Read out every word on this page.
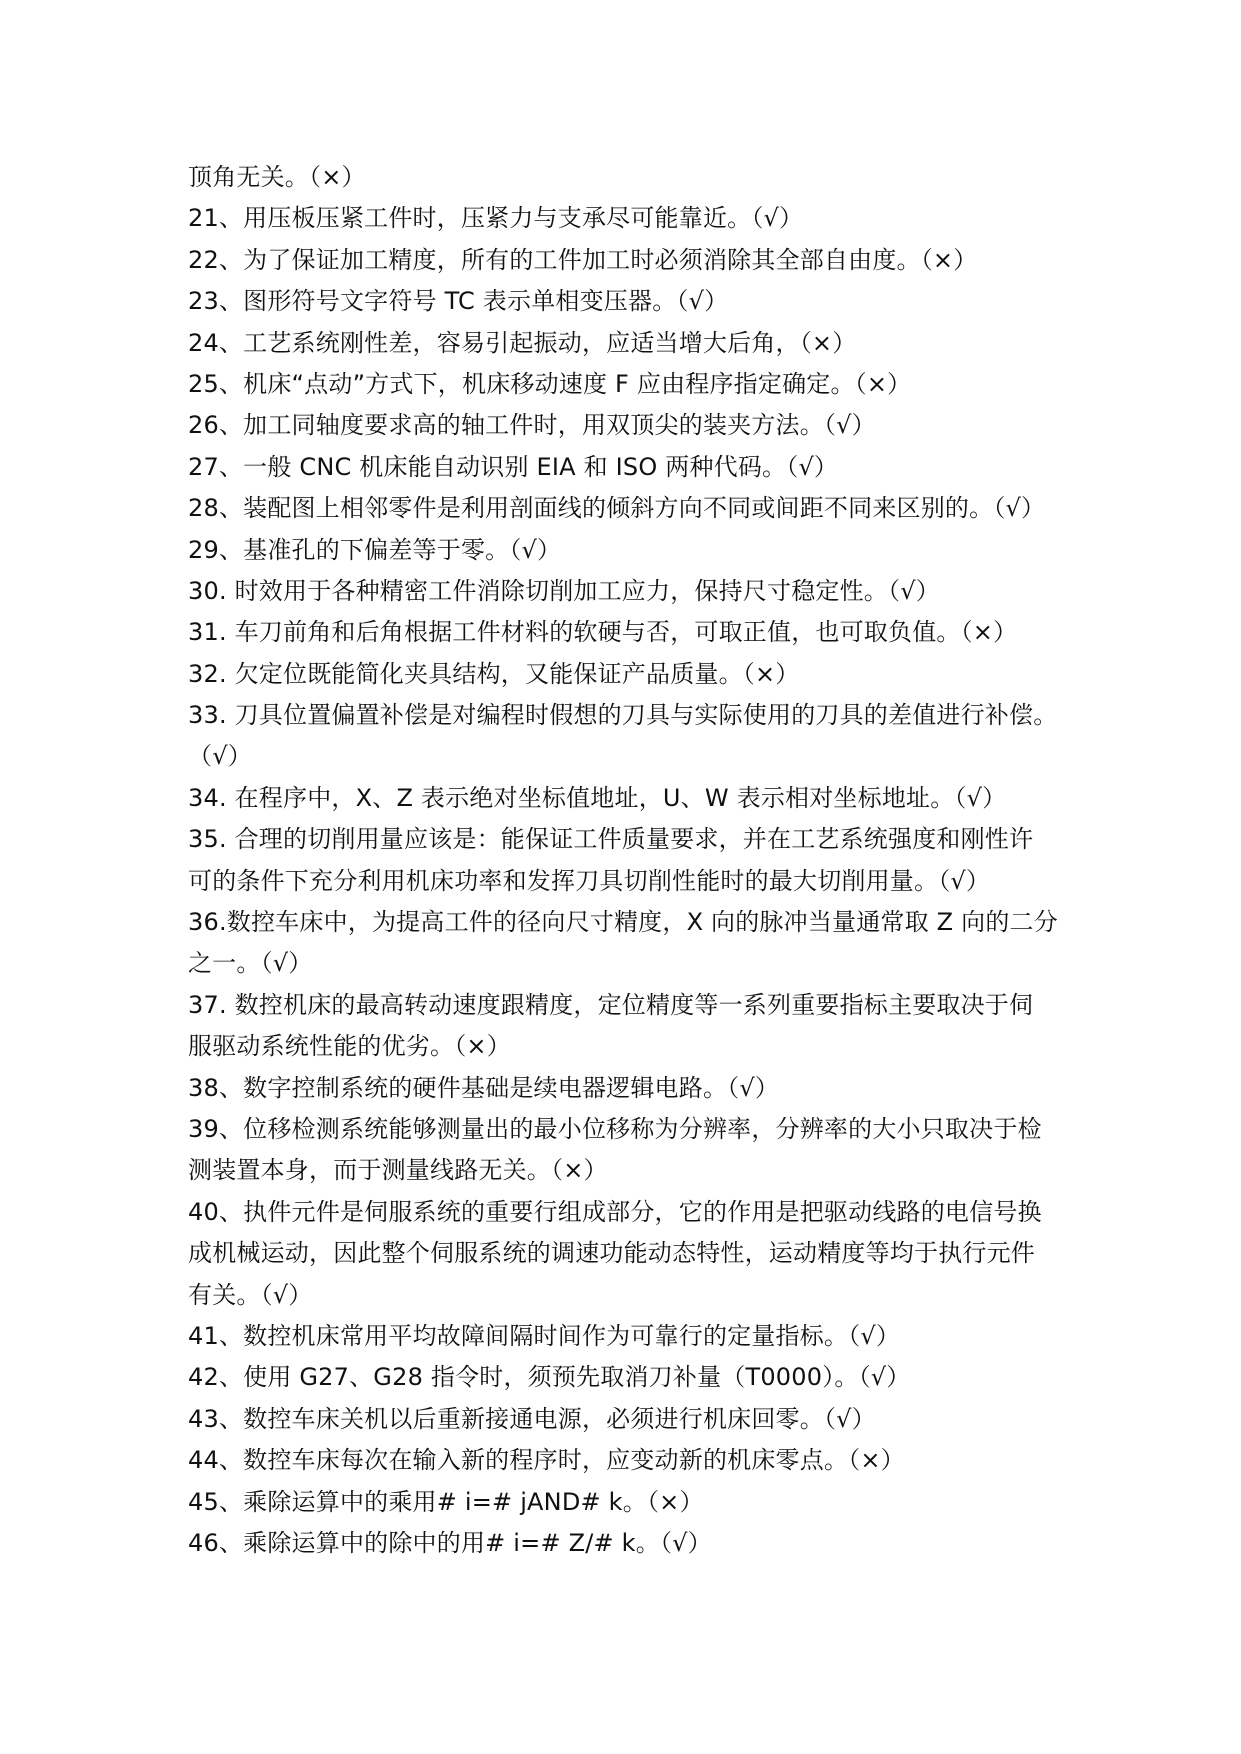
顶角无关。（×）
21、用压板压紧工件时，压紧力与支承尽可能靠近。（√）
22、为了保证加工精度，所有的工件加工时必须消除其全部自由度。（×）
23、图形符号文字符号 TC 表示单相变压器。（√）
24、工艺系统刚性差，容易引起振动，应适当增大后角，（×）
25、机床“点动”方式下，机床移动速度 F 应由程序指定确定。（×）
26、加工同轴度要求高的轴工件时，用双顶尖的装夹方法。（√）
27、一般 CNC 机床能自动识别 EIA 和 ISO 两种代码。（√）
28、装配图上相邻零件是利用剖面线的倾斜方向不同或间距不同来区别的。（√）
29、基准孔的下偏差等于零。（√）
30. 时效用于各种精密工件消除切削加工应力，保持尺寸稳定性。（√）
31. 车刀前角和后角根据工件材料的软硬与否，可取正值，也可取负值。（×）
32. 欠定位既能简化夹具结构，又能保证产品质量。（×）
33. 刀具位置偏置补偿是对编程时假想的刀具与实际使用的刀具的差值进行补偿。
（√）
34. 在程序中，X、Z 表示绝对坐标值地址，U、W 表示相对坐标地址。（√）
35. 合理的切削用量应该是：能保证工件质量要求，并在工艺系统强度和刚性许
可的条件下充分利用机床功率和发挥刀具切削性能时的最大切削用量。（√）
36.数控车床中，为提高工件的径向尺寸精度，X 向的脉冲当量通常取 Z 向的二分
之一。（√）
37. 数控机床的最高转动速度跟精度，定位精度等一系列重要指标主要取决于伺
服驱动系统性能的优劣。（×）
38、数字控制系统的硬件基础是续电器逻辑电路。（√）
39、位移检测系统能够测量出的最小位移称为分辨率，分辨率的大小只取决于检
测装置本身，而于测量线路无关。（×）
40、执件元件是伺服系统的重要行组成部分，它的作用是把驱动线路的电信号换
成机械运动，因此整个伺服系统的调速功能动态特性，运动精度等均于执行元件
有关。（√）
41、数控机床常用平均故障间隔时间作为可靠行的定量指标。（√）
42、使用 G27、G28 指令时，须预先取消刀补量（T0000）。（√）
43、数控车床关机以后重新接通电源，必须进行机床回零。（√）
44、数控车床每次在输入新的程序时，应变动新的机床零点。（×）
45、乘除运算中的乘用# i=# jAND# k。（×）
46、乘除运算中的除中的用# i=# Z/# k。（√）
